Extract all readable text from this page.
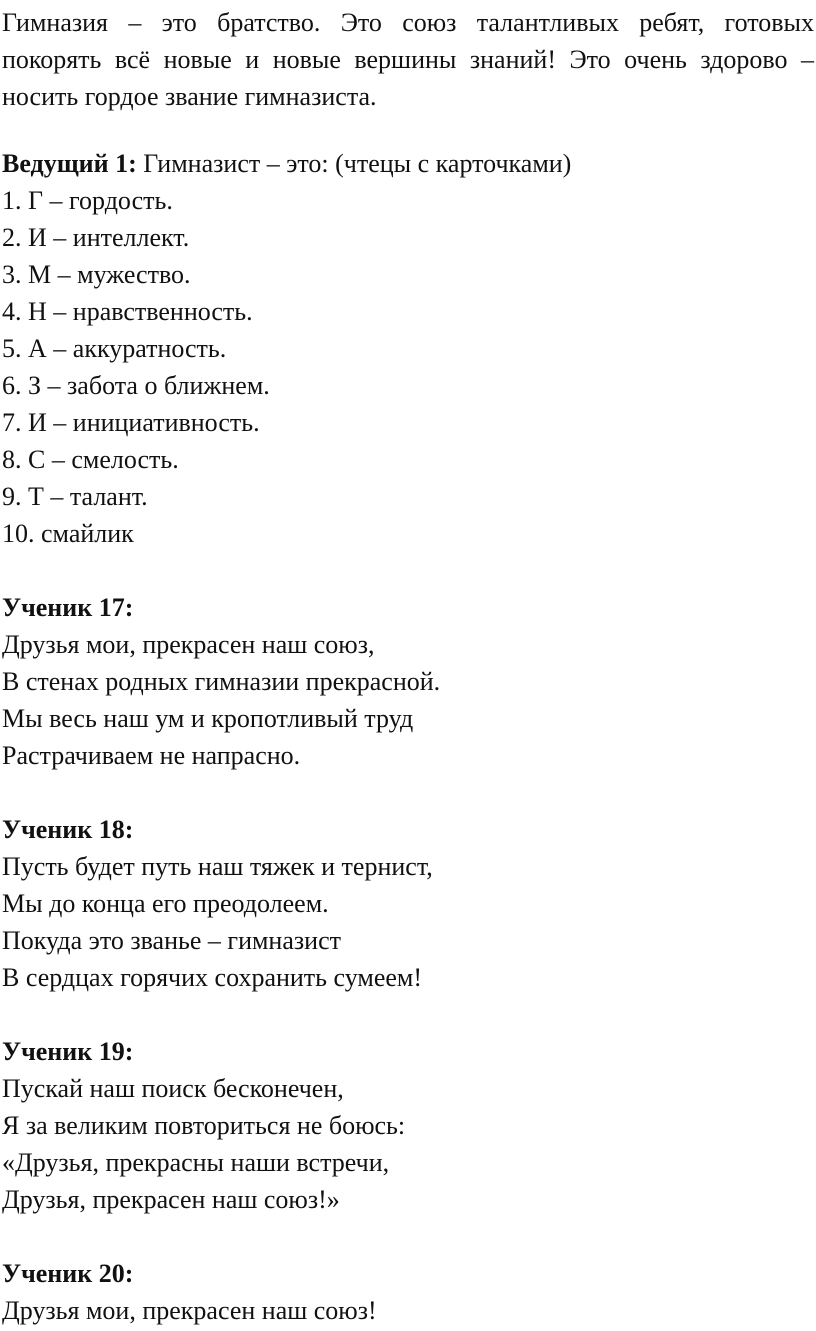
Гимназия – это братство. Это союз талантливых ребят, готовых
покорять всё новые и новые вершины знаний! Это очень здорово –
носить гордое звание гимназиста.
Ведущий 1: Гимназист – это: (чтецы с карточками)
1. Г – гордость.
2. И – интеллект.
3. М – мужество.
4. Н – нравственность.
5. А – аккуратность.
6. З – забота о ближнем.
7. И – инициативность.
8. С – смелость.
9. Т – талант.
10. смайлик
Ученик 17:
Друзья мои, прекрасен наш союз,
В стенах родных гимназии прекрасной.
Мы весь наш ум и кропотливый труд
Растрачиваем не напрасно.
Ученик 18:
Пусть будет путь наш тяжек и тернист,
Мы до конца его преодолеем.
Покуда это званье – гимназист
В сердцах горячих сохранить сумеем!
Ученик 19:
Пускай наш поиск бесконечен,
Я за великим повториться не боюсь:
«Друзья, прекрасны наши встречи,
Друзья, прекрасен наш союз!»
Ученик 20:
Друзья мои, прекрасен наш союз!
